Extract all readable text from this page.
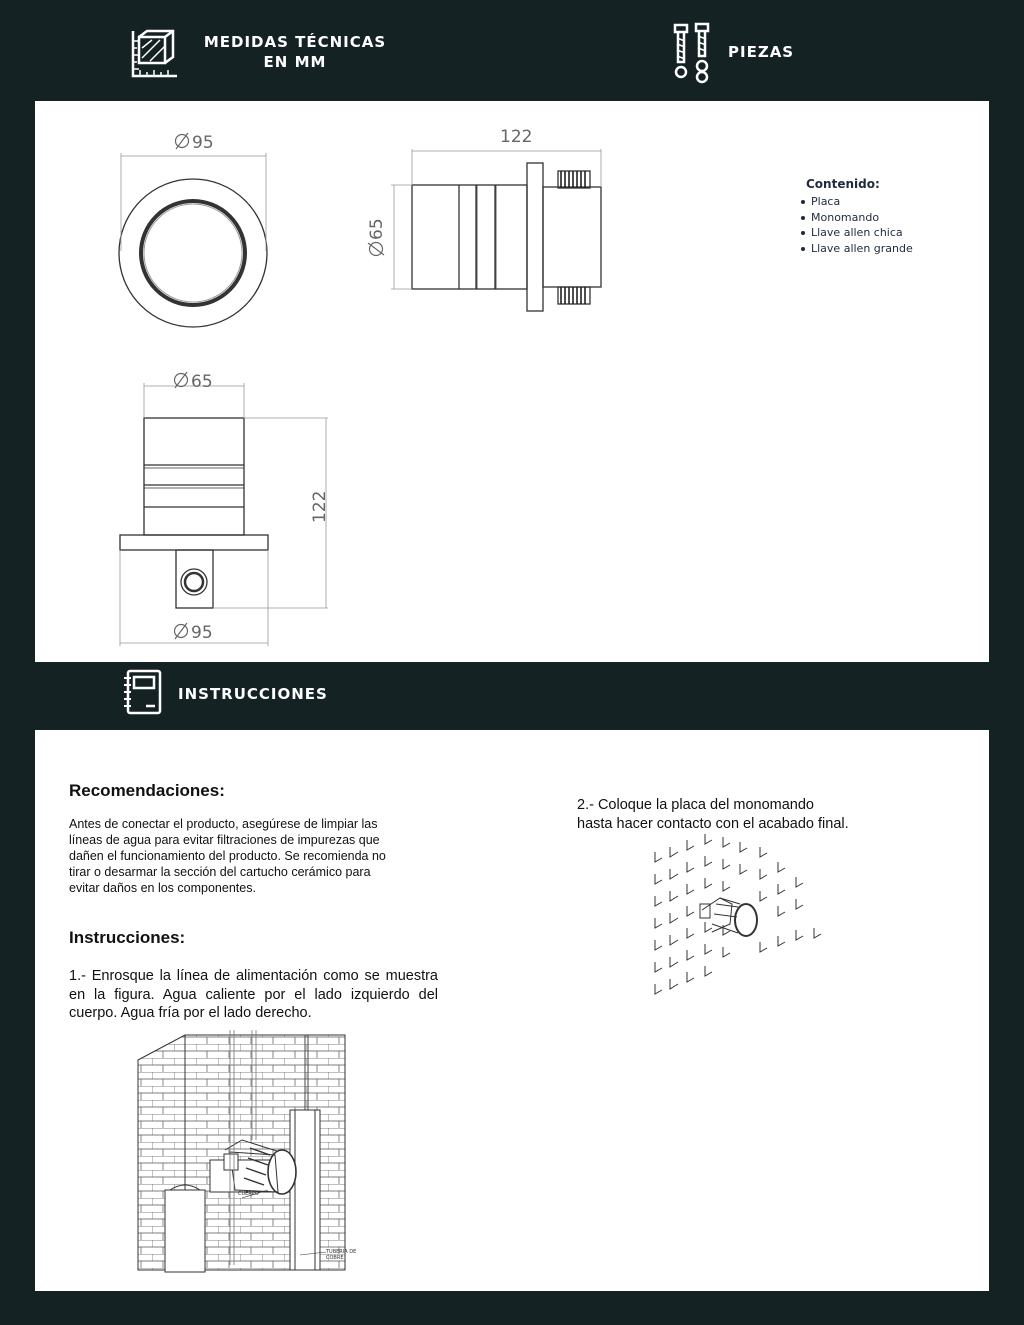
MEDIDAS TÉCNICAS
EN MM
PIEZAS
95	122
65
65
122
95
Contenido:
Placa
Monomando
Llave allen chica
Llave allen grande
INSTRUCCIONES
Recomendaciones:
Antes de conectar el producto, asegúrese de limpiar las
líneas de agua para evitar filtraciones de impurezas que
dañen el funcionamiento del producto. Se recomienda no
tirar o desarmar la sección del cartucho cerámico para
evitar daños en los componentes.
Instrucciones:
1.- Enrosque la línea de alimentación como se muestra en la figura. Agua caliente por el lado izquierdo del cuerpo. Agua fría por el lado derecho.
2.- Coloque la placa del monomando
hasta hacer contacto con el acabado final.
CUERPO
TUBERIA DE
COBRE
